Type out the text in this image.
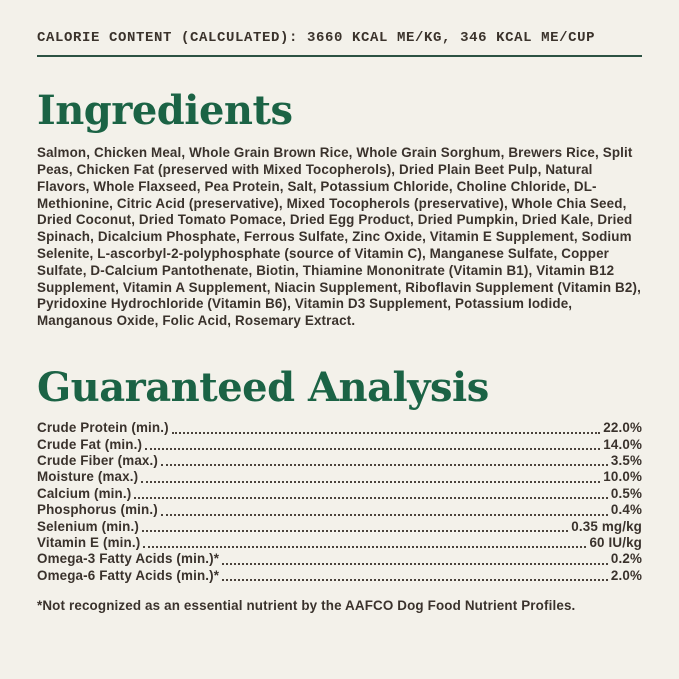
CALORIE CONTENT (CALCULATED): 3660 KCAL ME/KG, 346 KCAL ME/CUP
Ingredients

Salmon, Chicken Meal, Whole Grain Brown Rice, Whole Grain Sorghum, Brewers Rice, Split Peas, Chicken Fat (preserved with Mixed Tocopherols), Dried Plain Beet Pulp, Natural Flavors, Whole Flaxseed, Pea Protein, Salt, Potassium Chloride, Choline Chloride, DL-Methionine, Citric Acid (preservative), Mixed Tocopherols (preservative), Whole Chia Seed, Dried Coconut, Dried Tomato Pomace, Dried Egg Product, Dried Pumpkin, Dried Kale, Dried Spinach, Dicalcium Phosphate, Ferrous Sulfate, Zinc Oxide, Vitamin E Supplement, Sodium Selenite, L-ascorbyl-2-polyphosphate (source of Vitamin C), Manganese Sulfate, Copper Sulfate, D-Calcium Pantothenate, Biotin, Thiamine Mononitrate (Vitamin B1), Vitamin B12 Supplement, Vitamin A Supplement, Niacin Supplement, Riboflavin Supplement (Vitamin B2), Pyridoxine Hydrochloride (Vitamin B6), Vitamin D3 Supplement, Potassium Iodide, Manganous Oxide, Folic Acid, Rosemary Extract.

Guaranteed Analysis
Crude Protein (min.)	22.0%
Crude Fat (min.)	14.0%
Crude Fiber (max.)	3.5%
Moisture (max.)	10.0%
Calcium (min.)	0.5%
Phosphorus (min.)	0.4%
Selenium (min.)	0.35 mg/kg
Vitamin E (min.)	60 IU/kg
Omega-3 Fatty Acids (min.)*	0.2%
Omega-6 Fatty Acids (min.)*	2.0%

*Not recognized as an essential nutrient by the AAFCO Dog Food Nutrient Profiles.
